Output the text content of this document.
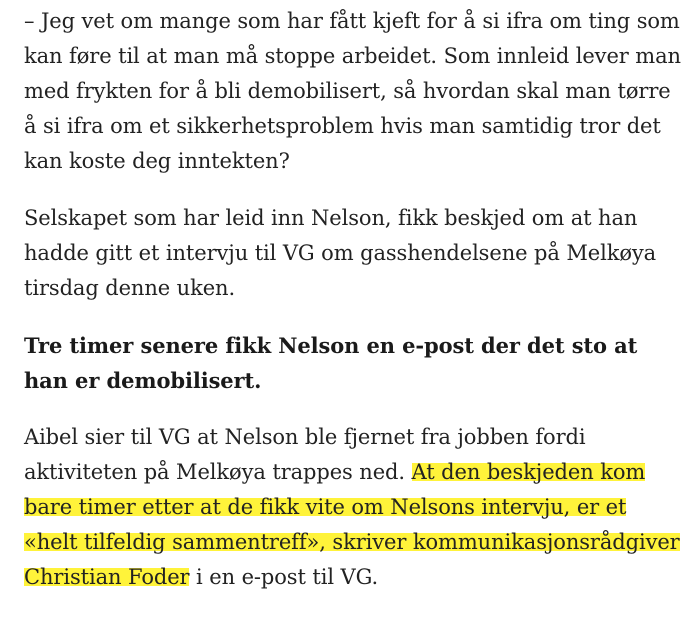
– Jeg vet om mange som har fått kjeft for å si ifra om ting som kan føre til at man må stoppe arbeidet. Som innleid lever man med frykten for å bli demobilisert, så hvordan skal man tørre å si ifra om et sikkerhetsproblem hvis man samtidig tror det kan koste deg inntekten?

Selskapet som har leid inn Nelson, fikk beskjed om at han hadde gitt et intervju til VG om gasshendelsene på Melkøya tirsdag denne uken.

Tre timer senere fikk Nelson en e-post der det sto at han er demobilisert.

Aibel sier til VG at Nelson ble fjernet fra jobben fordi aktiviteten på Melkøya trappes ned. At den beskjeden kom bare timer etter at de fikk vite om Nelsons intervju, er et «helt tilfeldig sammentreff», skriver kommunikasjonsrådgiver Christian Foder i en e-post til VG.
